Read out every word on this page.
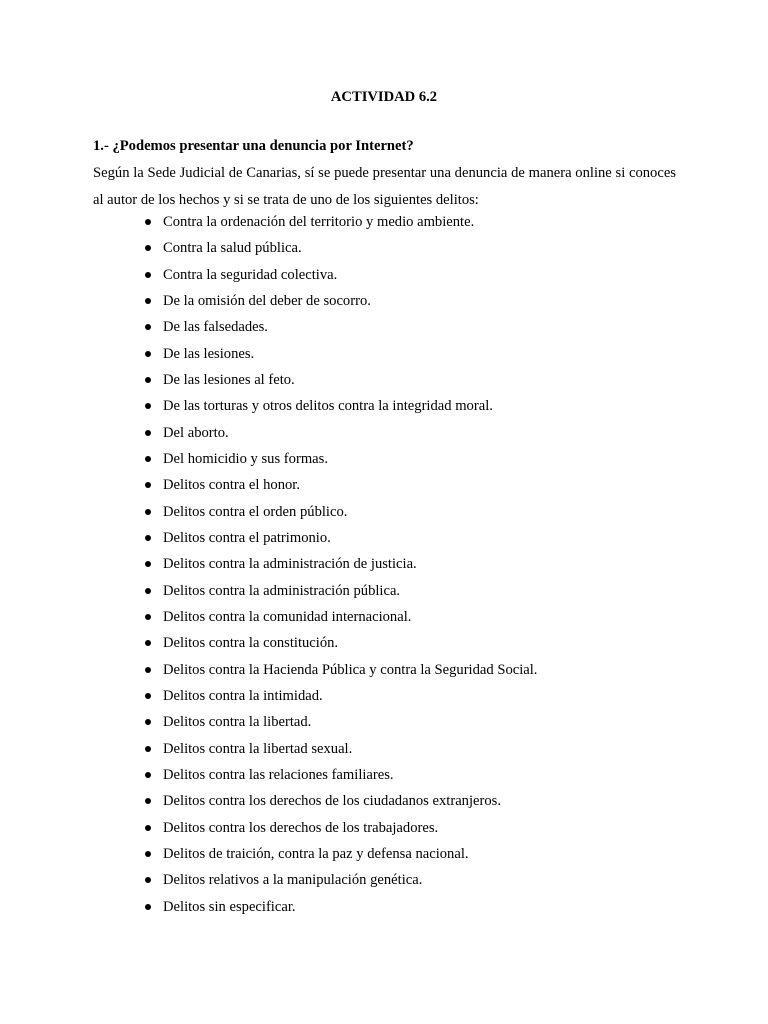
ACTIVIDAD 6.2
1.- ¿Podemos presentar una denuncia por Internet?
Según la Sede Judicial de Canarias, sí se puede presentar una denuncia de manera online si conoces al autor de los hechos y si se trata de uno de los siguientes delitos:
Contra la ordenación del territorio y medio ambiente.
Contra la salud pública.
Contra la seguridad colectiva.
De la omisión del deber de socorro.
De las falsedades.
De las lesiones.
De las lesiones al feto.
De las torturas y otros delitos contra la integridad moral.
Del aborto.
Del homicidio y sus formas.
Delitos contra el honor.
Delitos contra el orden público.
Delitos contra el patrimonio.
Delitos contra la administración de justicia.
Delitos contra la administración pública.
Delitos contra la comunidad internacional.
Delitos contra la constitución.
Delitos contra la Hacienda Pública y contra la Seguridad Social.
Delitos contra la intimidad.
Delitos contra la libertad.
Delitos contra la libertad sexual.
Delitos contra las relaciones familiares.
Delitos contra los derechos de los ciudadanos extranjeros.
Delitos contra los derechos de los trabajadores.
Delitos de traición, contra la paz y defensa nacional.
Delitos relativos a la manipulación genética.
Delitos sin especificar.
